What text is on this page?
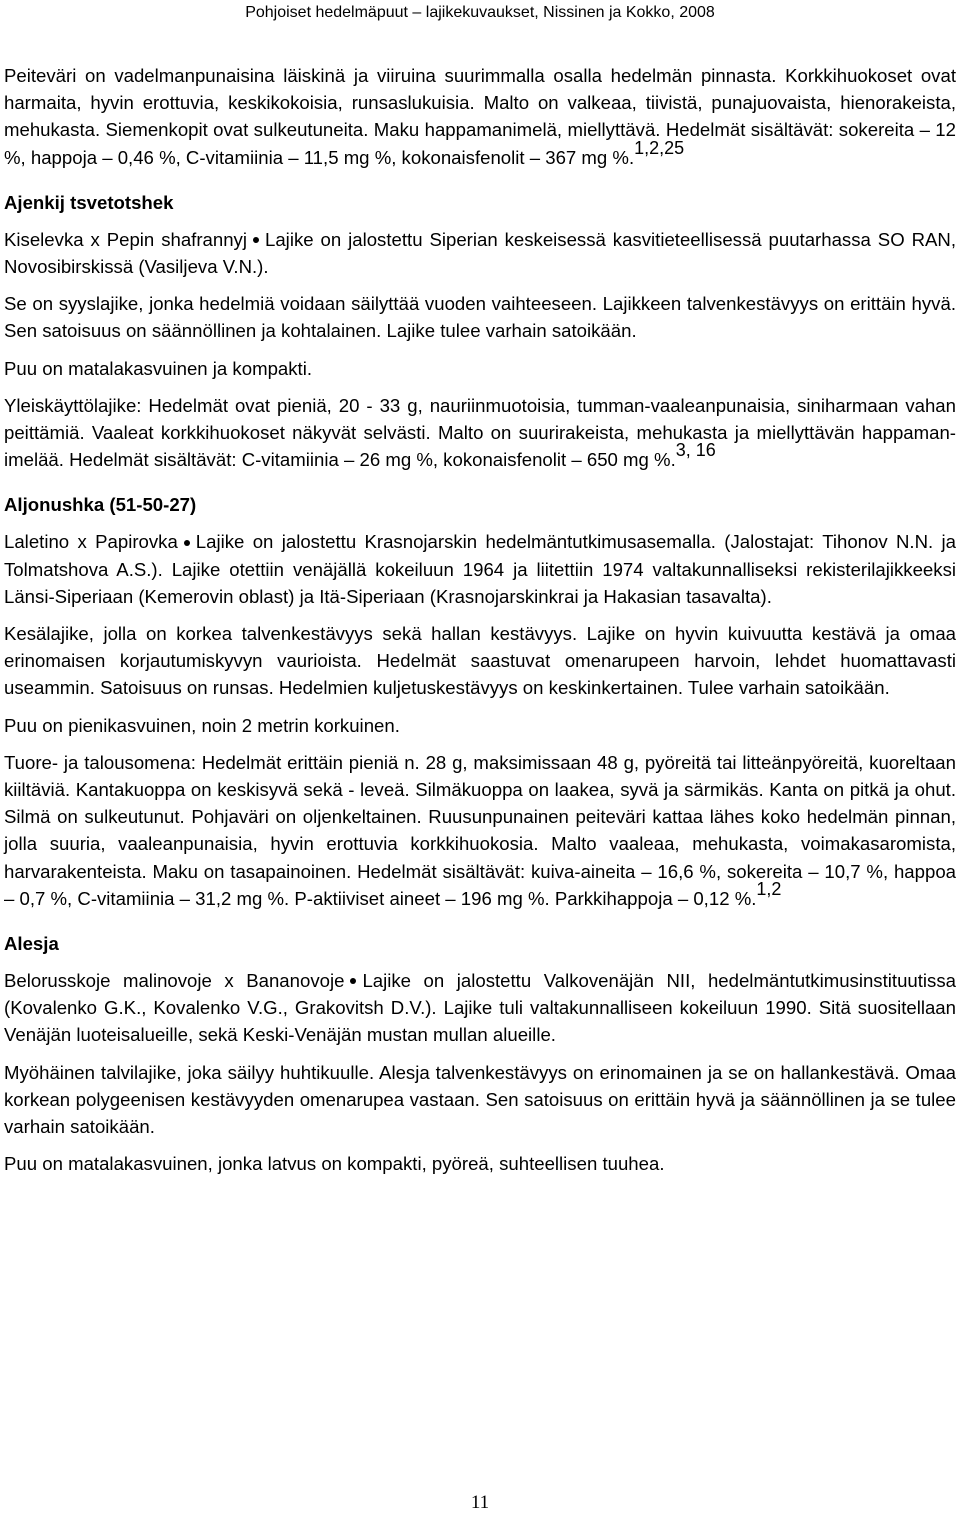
Pohjoiset hedelmäpuut – lajikekuvaukset, Nissinen ja Kokko, 2008

Peiteväri on vadelmanpunaisina läiskinä ja viiruina suurimmalla osalla hedelmän pinnasta. Korkkihuokoset ovat harmaita, hyvin erottuvia, keskikokoisia, runsaslukuisia. Malto on valkeaa, tiivistä, punajuovaista, hienorakeista, mehukasta. Siemenkopit ovat sulkeutuneita. Maku happamanimelä, miellyttävä. Hedelmät sisältävät: sokereita – 12 %, happoja – 0,46 %, C-vitamiinia – 11,5 mg %, kokonaisfenolit – 367 mg %.$^{1,2,25}$

Ajenkij tsvetotshek

Kiselevka x Pepin shafrannyj Lajike on jalostettu Siperian keskeisessä kasvitieteellisessä puutarhassa SO RAN, Novosibirskissä (Vasiljeva V.N.).

Se on syyslajike, jonka hedelmiä voidaan säilyttää vuoden vaihteeseen. Lajikkeen talvenkestävyys on erittäin hyvä. Sen satoisuus on säännöllinen ja kohtalainen. Lajike tulee varhain satoikään.

Puu on matalakasvuinen ja kompakti.

Yleiskäyttölajike: Hedelmät ovat pieniä, 20 - 33 g, nauriinmuotoisia, tumman-vaaleanpunaisia, siniharmaan vahan peittämiä. Vaaleat korkkihuokoset näkyvät selvästi. Malto on suurirakeista, mehukasta ja miellyttävän happaman-imelää. Hedelmät sisältävät: C-vitamiinia – 26 mg %, kokonaisfenolit – 650 mg %.$^{3, 16}$

Aljonushka (51-50-27)

Laletino x Papirovka Lajike on jalostettu Krasnojarskin hedelmäntutkimusasemalla. (Jalostajat: Tihonov N.N. ja Tolmatshova A.S.). Lajike otettiin venäjällä kokeiluun 1964 ja liitettiin 1974 valtakunnalliseksi rekisterilajikkeeksi Länsi-Siperiaan (Kemerovin oblast) ja Itä-Siperiaan (Krasnojarskinkrai ja Hakasian tasavalta).

Kesälajike, jolla on korkea talvenkestävyys sekä hallan kestävyys. Lajike on hyvin kuivuutta kestävä ja omaa erinomaisen korjautumiskyvyn vaurioista. Hedelmät saastuvat omenarupeen harvoin, lehdet huomattavasti useammin. Satoisuus on runsas. Hedelmien kuljetuskestävyys on keskinkertainen. Tulee varhain satoikään.

Puu on pienikasvuinen, noin 2 metrin korkuinen.

Tuore- ja talousomena: Hedelmät erittäin pieniä n. 28 g, maksimissaan 48 g, pyöreitä tai litteänpyöreitä, kuoreltaan kiiltäviä. Kantakuoppa on keskisyvä sekä - leveä. Silmäkuoppa on laakea, syvä ja särmikäs. Kanta on pitkä ja ohut. Silmä on sulkeutunut. Pohjaväri on oljenkeltainen. Ruusunpunainen peiteväri kattaa lähes koko hedelmän pinnan, jolla suuria, vaaleanpunaisia, hyvin erottuvia korkkihuokosia. Malto vaaleaa, mehukasta, voimakasaromista, harvarakenteista. Maku on tasapainoinen. Hedelmät sisältävät: kuiva-aineita – 16,6 %, sokereita – 10,7 %, happoa – 0,7 %, C-vitamiinia – 31,2 mg %. P-aktiiviset aineet – 196 mg %. Parkkihappoja – 0,12 %.$^{1,2}$

Alesja

Belorusskoje malinovoje x Bananovoje Lajike on jalostettu Valkovenäjän NII, hedelmäntutkimusinstituutissa (Kovalenko G.K., Kovalenko V.G., Grakovitsh D.V.). Lajike tuli valtakunnalliseen kokeiluun 1990. Sitä suositellaan Venäjän luoteisalueille, sekä Keski-Venäjän mustan mullan alueille.

Myöhäinen talvilajike, joka säilyy huhtikuulle. Alesja talvenkestävyys on erinomainen ja se on hallankestävä. Omaa korkean polygeenisen kestävyyden omenarupea vastaan. Sen satoisuus on erittäin hyvä ja säännöllinen ja se tulee varhain satoikään.

Puu on matalakasvuinen, jonka latvus on kompakti, pyöreä, suhteellisen tuuhea.

11
